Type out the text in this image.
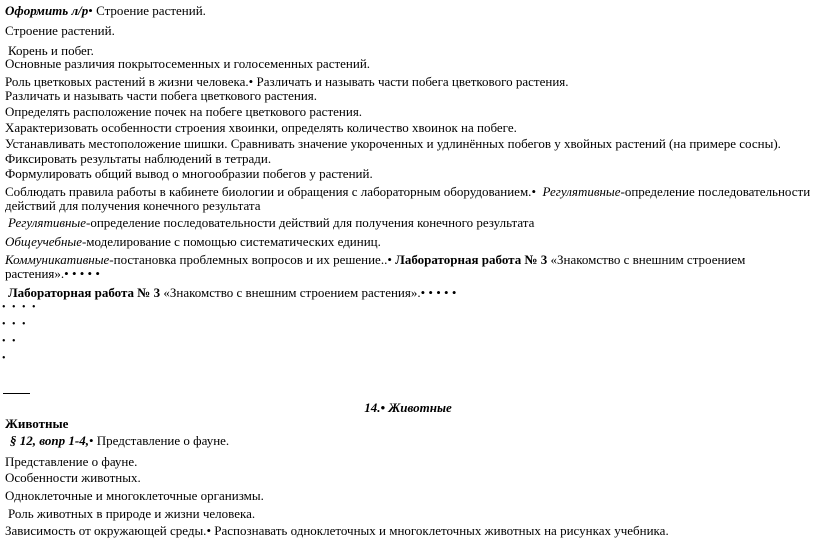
Оформить л/р• Строение растений.
Строение растений.
Корень и побег.
Основные различия покрытосеменных и голосеменных растений.
Роль цветковых растений в жизни человека.• Различать и называть части побега цветкового растения.
Различать и называть части побега цветкового растения.
Определять расположение почек на побеге цветкового растения.
Характеризовать особенности строения хвоинки, определять количество хвоинок на побеге.
Устанавливать местоположение шишки. Сравнивать значение укороченных и удлинённых побегов у хвойных растений (на примере сосны).
Фиксировать результаты наблюдений в тетради.
Формулировать общий вывод о многообразии побегов у растений.
Соблюдать правила работы в кабинете биологии и обращения с лабораторным оборудованием.• Регулятивные-определение последовательности
действий для получения конечного результата
Регулятивные-определение последовательности действий для получения конечного результата
Общеучебные-моделирование с помощью систематических единиц.
Коммуникативные-постановка проблемных вопросов и их решение..• Лабораторная работа № 3 «Знакомство с внешним строением
растения».• • • • •
Лабораторная работа № 3 «Знакомство с внешним строением растения».• • • • •
• • • •
• • •
• •
•
14.• Животные
Животные
§ 12, вопр 1-4,• Представление о фауне.
Представление о фауне.
Особенности животных.
Одноклеточные и многоклеточные организмы.
Роль животных в природе и жизни человека.
Зависимость от окружающей среды.• Распознавать одноклеточных и многоклеточных животных на рисунках учебника.
